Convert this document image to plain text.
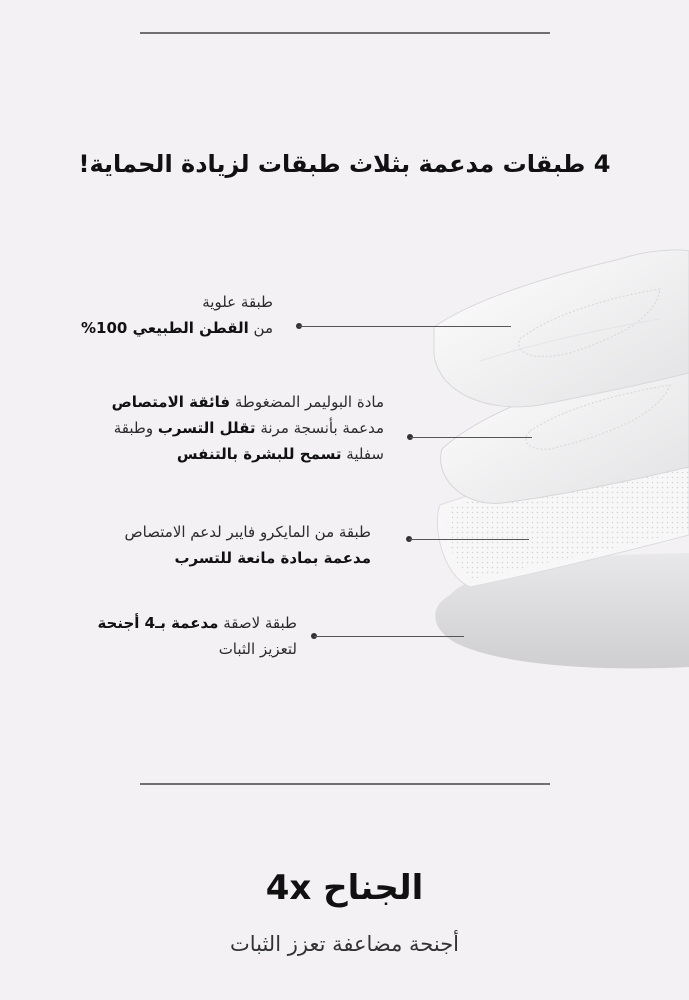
4 طبقات مدعمة بثلاث طبقات لزيادة الحماية!
طبقة علوية
من القطن الطبيعي 100%
مادة البوليمر المضغوطة فائقة الامتصاص
مدعمة بأنسجة مرنة تقلل التسرب وطبقة
سفلية تسمح للبشرة بالتنفس
طبقة من المايكرو فايبر لدعم الامتصاص
مدعمة بمادة مانعة للتسرب
طبقة لاصقة مدعمة بـ4 أجنحة
لتعزيز الثبات
الجناح 4x
أجنحة مضاعفة تعزز الثبات
